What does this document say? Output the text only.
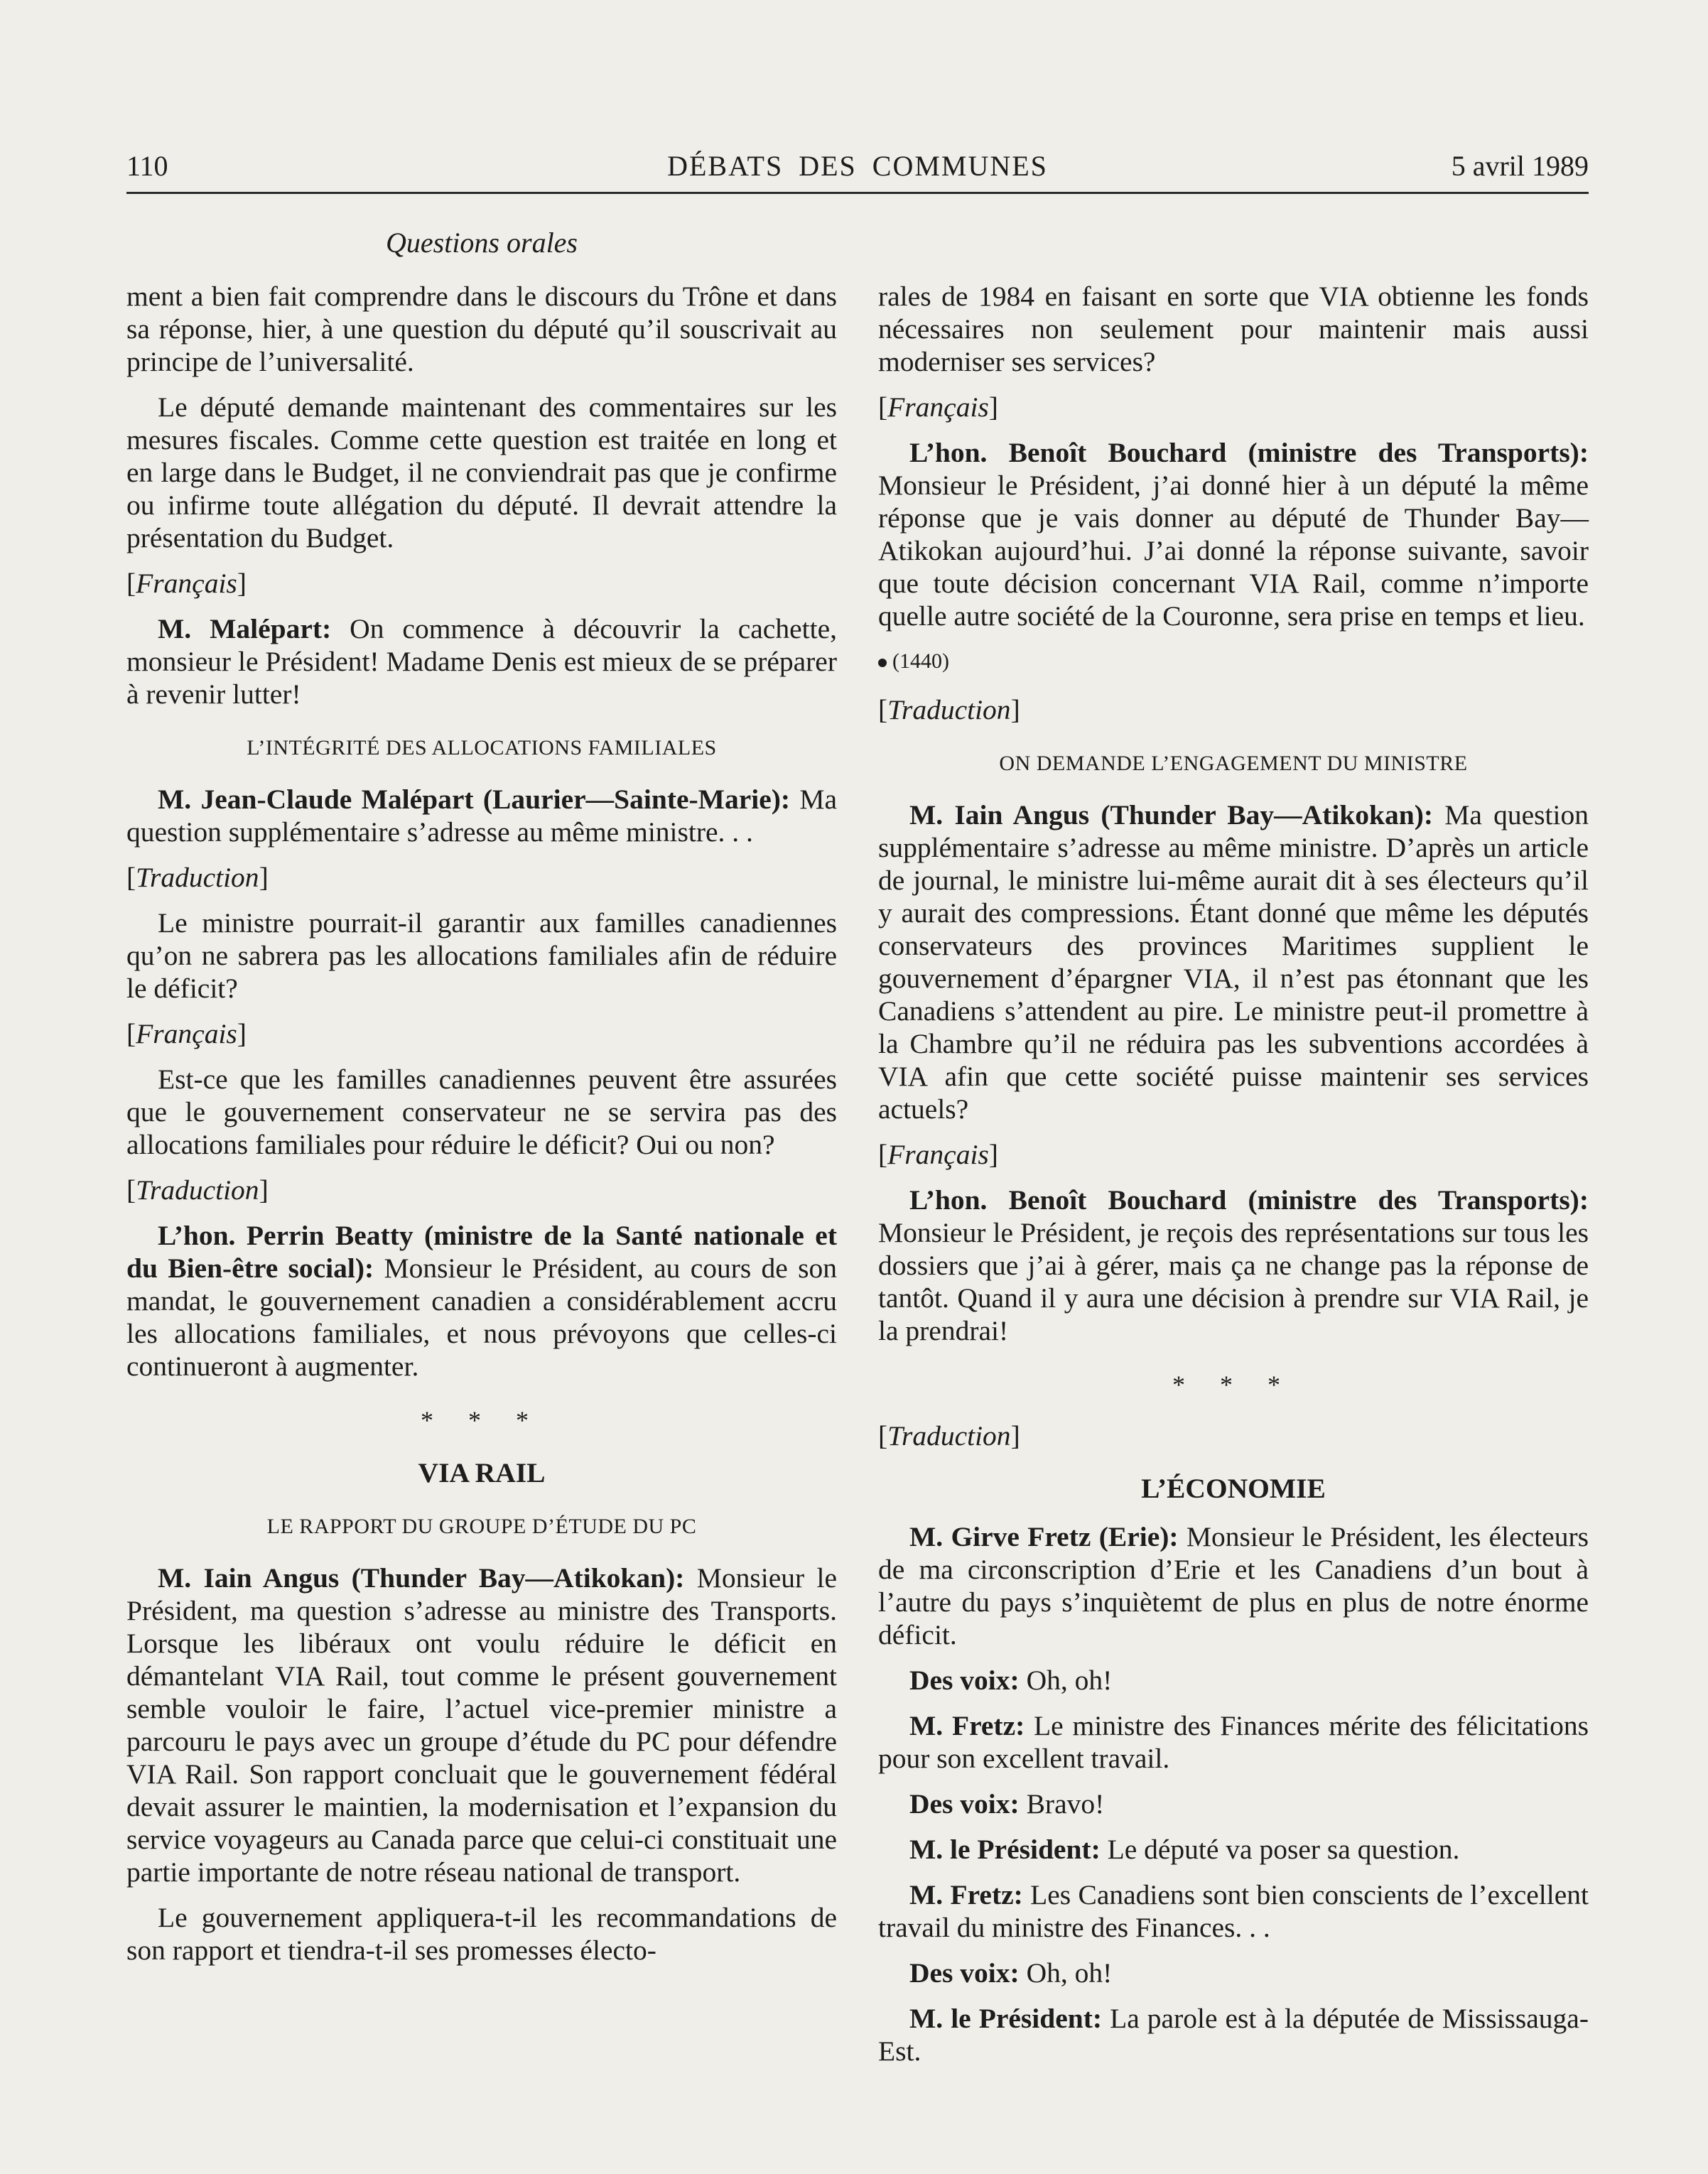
110	DÉBATS DES COMMUNES	5 avril 1989
Questions orales

ment a bien fait comprendre dans le discours du Trône et dans sa réponse, hier, à une question du député qu’il souscrivait au principe de l’universalité.

Le député demande maintenant des commentaires sur les mesures fiscales. Comme cette question est traitée en long et en large dans le Budget, il ne conviendrait pas que je confirme ou infirme toute allégation du député. Il devrait attendre la présentation du Budget.

[Français]

M. Malépart: On commence à découvrir la cachette, monsieur le Président! Madame Denis est mieux de se préparer à revenir lutter!

L’INTÉGRITÉ DES ALLOCATIONS FAMILIALES

M. Jean-Claude Malépart (Laurier—Sainte-Marie): Ma question supplémentaire s’adresse au même ministre. . .

[Traduction]

Le ministre pourrait-il garantir aux familles canadiennes qu’on ne sabrera pas les allocations familiales afin de réduire le déficit?

[Français]

Est-ce que les familles canadiennes peuvent être assurées que le gouvernement conservateur ne se servira pas des allocations familiales pour réduire le déficit? Oui ou non?

[Traduction]

L’hon. Perrin Beatty (ministre de la Santé nationale et du Bien-être social): Monsieur le Président, au cours de son mandat, le gouvernement canadien a considérablement accru les allocations familiales, et nous prévoyons que celles-ci continueront à augmenter.

* * *
VIA RAIL
LE RAPPORT DU GROUPE D’ÉTUDE DU PC

M. Iain Angus (Thunder Bay—Atikokan): Monsieur le Président, ma question s’adresse au ministre des Transports. Lorsque les libéraux ont voulu réduire le déficit en démantelant VIA Rail, tout comme le présent gouvernement semble vouloir le faire, l’actuel vice-premier ministre a parcouru le pays avec un groupe d’étude du PC pour défendre VIA Rail. Son rapport concluait que le gouvernement fédéral devait assurer le maintien, la modernisation et l’expansion du service voyageurs au Canada parce que celui-ci constituait une partie importante de notre réseau national de transport.

Le gouvernement appliquera-t-il les recommandations de son rapport et tiendra-t-il ses promesses électo-

rales de 1984 en faisant en sorte que VIA obtienne les fonds nécessaires non seulement pour maintenir mais aussi moderniser ses services?

[Français]

L’hon. Benoît Bouchard (ministre des Transports): Monsieur le Président, j’ai donné hier à un député la même réponse que je vais donner au député de Thunder Bay—Atikokan aujourd’hui. J’ai donné la réponse suivante, savoir que toute décision concernant VIA Rail, comme n’importe quelle autre société de la Couronne, sera prise en temps et lieu.

(1440)
[Traduction]
ON DEMANDE L’ENGAGEMENT DU MINISTRE

M. Iain Angus (Thunder Bay—Atikokan): Ma question supplémentaire s’adresse au même ministre. D’après un article de journal, le ministre lui-même aurait dit à ses électeurs qu’il y aurait des compressions. Étant donné que même les députés conservateurs des provinces Maritimes supplient le gouvernement d’épargner VIA, il n’est pas étonnant que les Canadiens s’attendent au pire. Le ministre peut-il promettre à la Chambre qu’il ne réduira pas les subventions accordées à VIA afin que cette société puisse maintenir ses services actuels?

[Français]

L’hon. Benoît Bouchard (ministre des Transports): Monsieur le Président, je reçois des représentations sur tous les dossiers que j’ai à gérer, mais ça ne change pas la réponse de tantôt. Quand il y aura une décision à prendre sur VIA Rail, je la prendrai!

* * *
[Traduction]
L’ÉCONOMIE

M. Girve Fretz (Erie): Monsieur le Président, les électeurs de ma circonscription d’Erie et les Canadiens d’un bout à l’autre du pays s’inquiètemt de plus en plus de notre énorme déficit.

Des voix: Oh, oh!

M. Fretz: Le ministre des Finances mérite des félicitations pour son excellent travail.

Des voix: Bravo!

M. le Président: Le député va poser sa question.

M. Fretz: Les Canadiens sont bien conscients de l’excellent travail du ministre des Finances. . .

Des voix: Oh, oh!

M. le Président: La parole est à la députée de Mississauga-Est.
